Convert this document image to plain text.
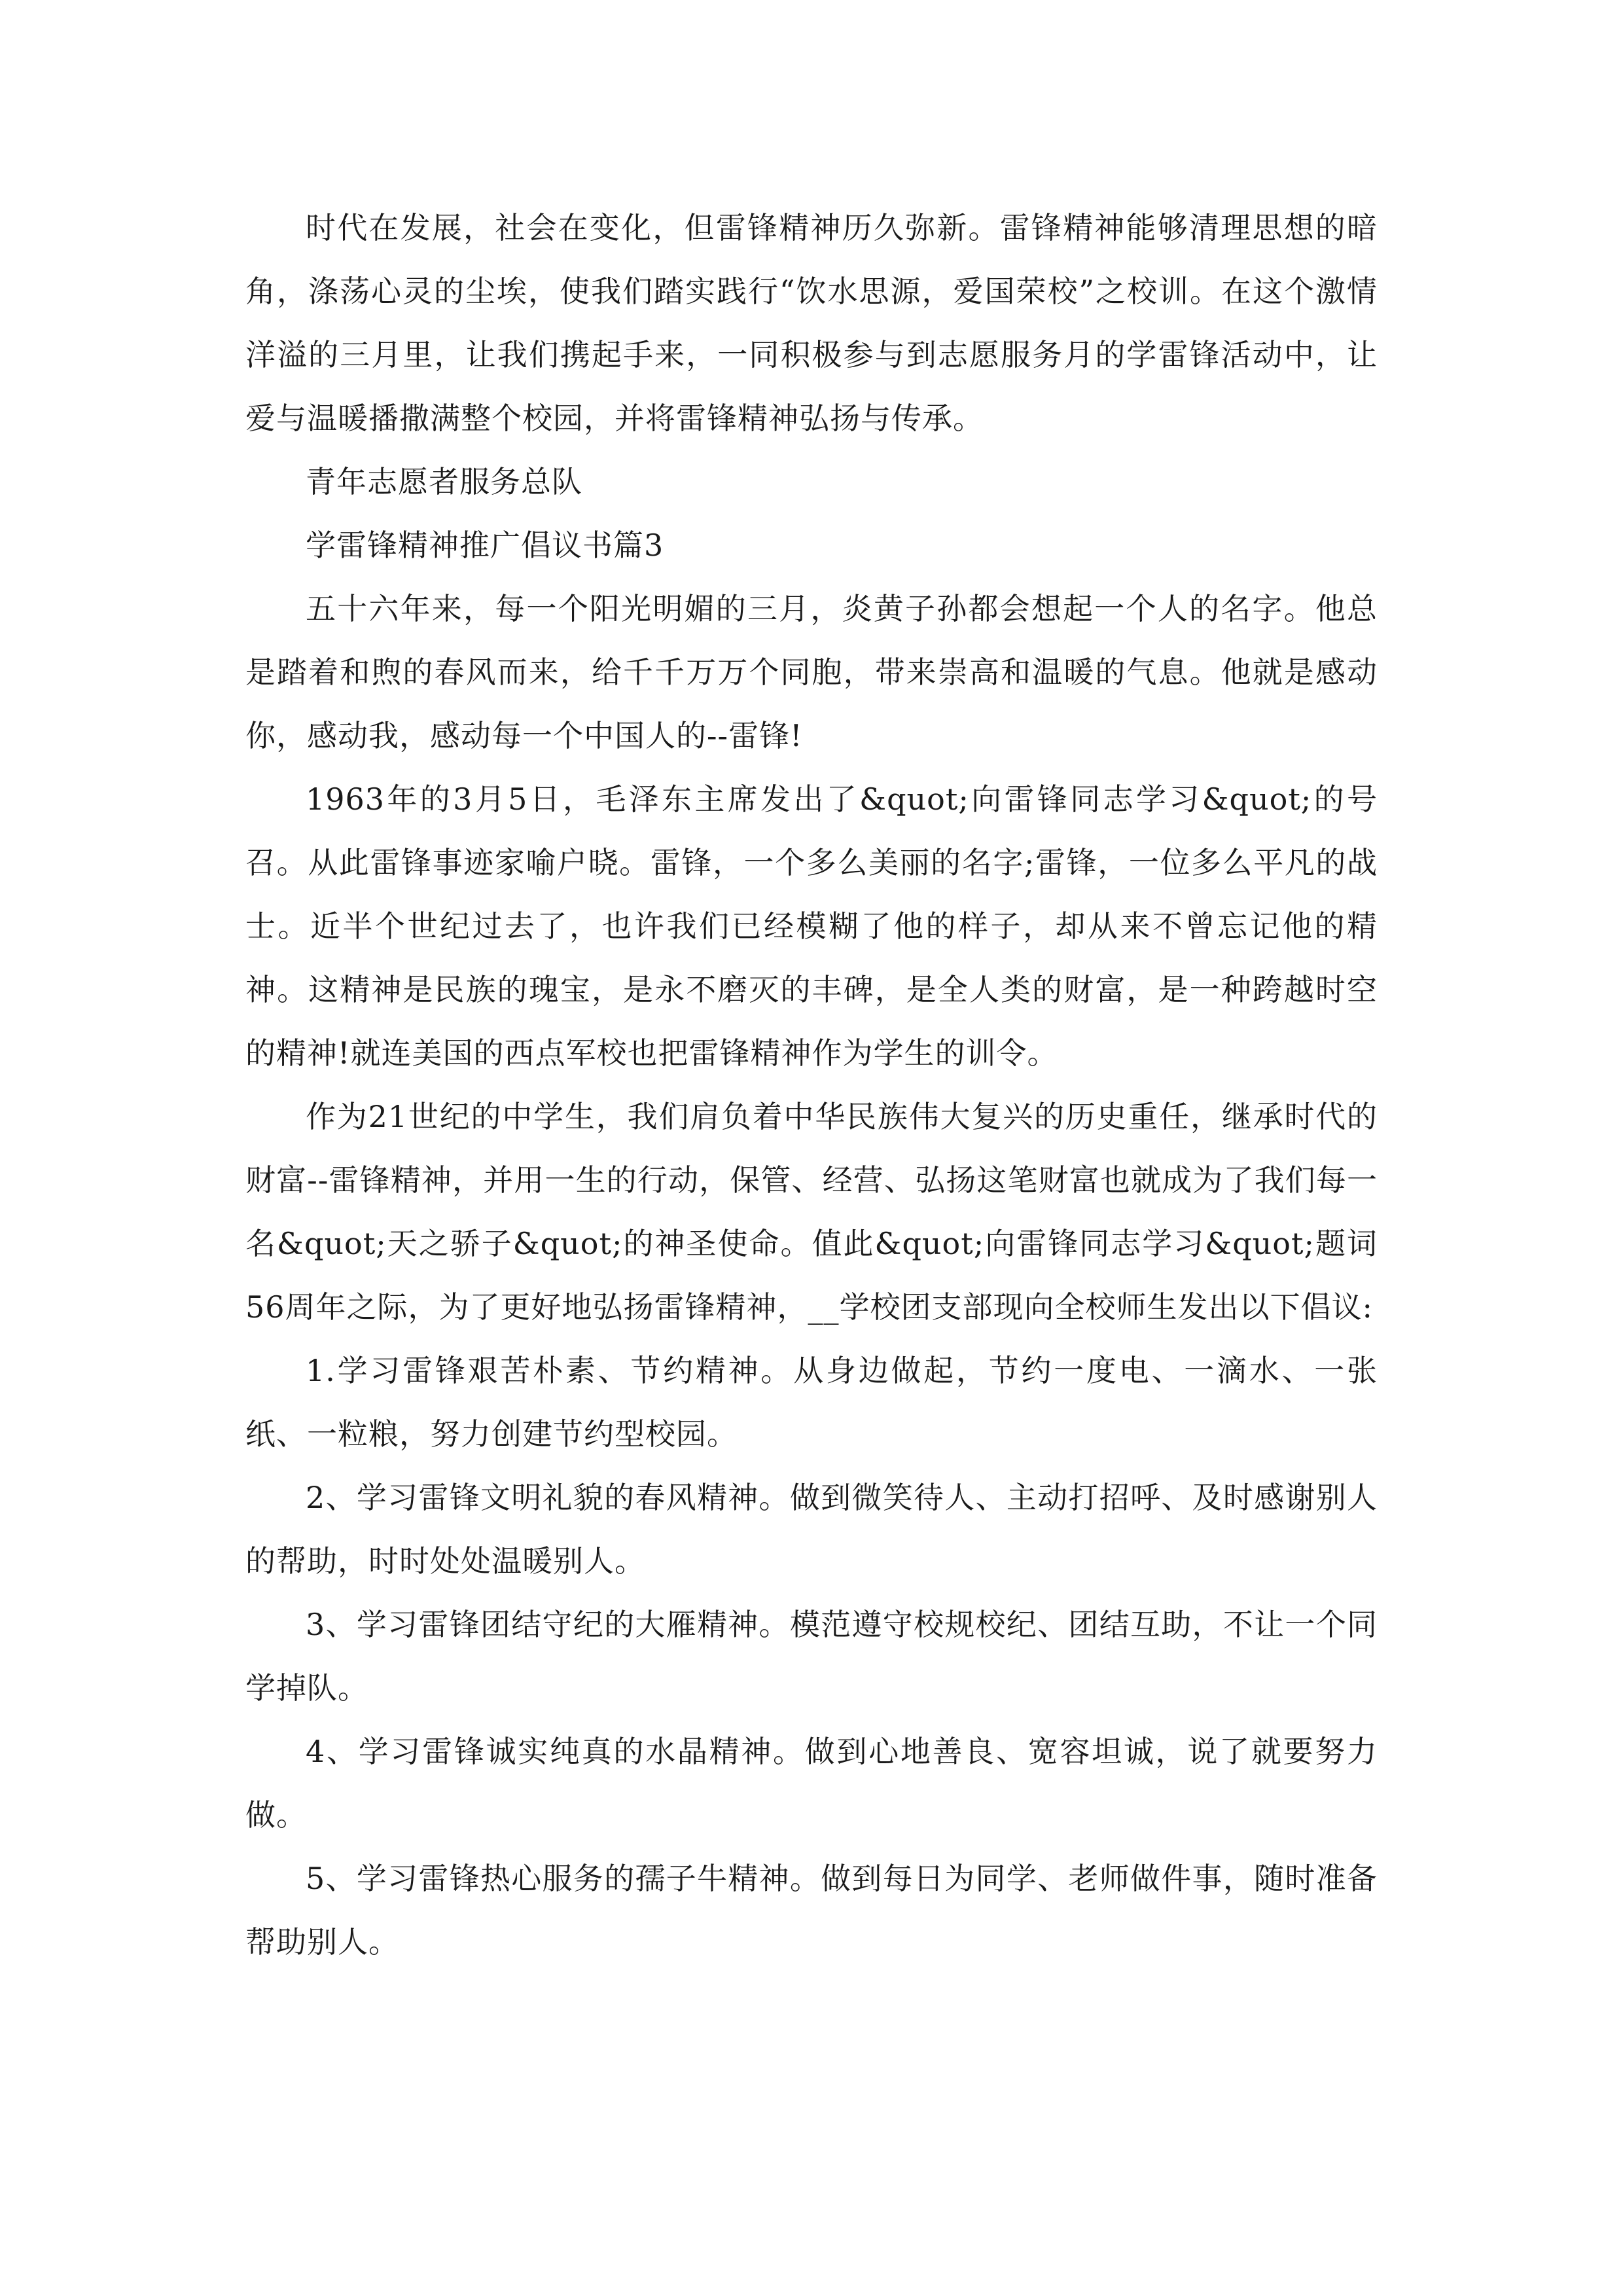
时代在发展，社会在变化，但雷锋精神历久弥新。雷锋精神能够清理思想的暗角，涤荡心灵的尘埃，使我们踏实践行“饮水思源，爱国荣校”之校训。在这个激情洋溢的三月里，让我们携起手来，一同积极参与到志愿服务月的学雷锋活动中，让爱与温暖播撒满整个校园，并将雷锋精神弘扬与传承。

青年志愿者服务总队

学雷锋精神推广倡议书篇3

五十六年来，每一个阳光明媚的三月，炎黄子孙都会想起一个人的名字。他总是踏着和煦的春风而来，给千千万万个同胞，带来崇高和温暖的气息。他就是感动你，感动我，感动每一个中国人的--雷锋!

1963年的3月5日，毛泽东主席发出了&quot;向雷锋同志学习&quot;的号召。从此雷锋事迹家喻户晓。雷锋，一个多么美丽的名字;雷锋，一位多么平凡的战士。近半个世纪过去了，也许我们已经模糊了他的样子，却从来不曾忘记他的精神。这精神是民族的瑰宝，是永不磨灭的丰碑，是全人类的财富，是一种跨越时空的精神!就连美国的西点军校也把雷锋精神作为学生的训令。

作为21世纪的中学生，我们肩负着中华民族伟大复兴的历史重任，继承时代的财富--雷锋精神，并用一生的行动，保管、经营、弘扬这笔财富也就成为了我们每一名&quot;天之骄子&quot;的神圣使命。值此&quot;向雷锋同志学习&quot;题词56周年之际，为了更好地弘扬雷锋精神，__学校团支部现向全校师生发出以下倡议:

1.学习雷锋艰苦朴素、节约精神。从身边做起，节约一度电、一滴水、一张纸、一粒粮，努力创建节约型校园。

2、学习雷锋文明礼貌的春风精神。做到微笑待人、主动打招呼、及时感谢别人的帮助，时时处处温暖别人。

3、学习雷锋团结守纪的大雁精神。模范遵守校规校纪、团结互助，不让一个同学掉队。

4、学习雷锋诚实纯真的水晶精神。做到心地善良、宽容坦诚，说了就要努力做。

5、学习雷锋热心服务的孺子牛精神。做到每日为同学、老师做件事，随时准备帮助别人。
